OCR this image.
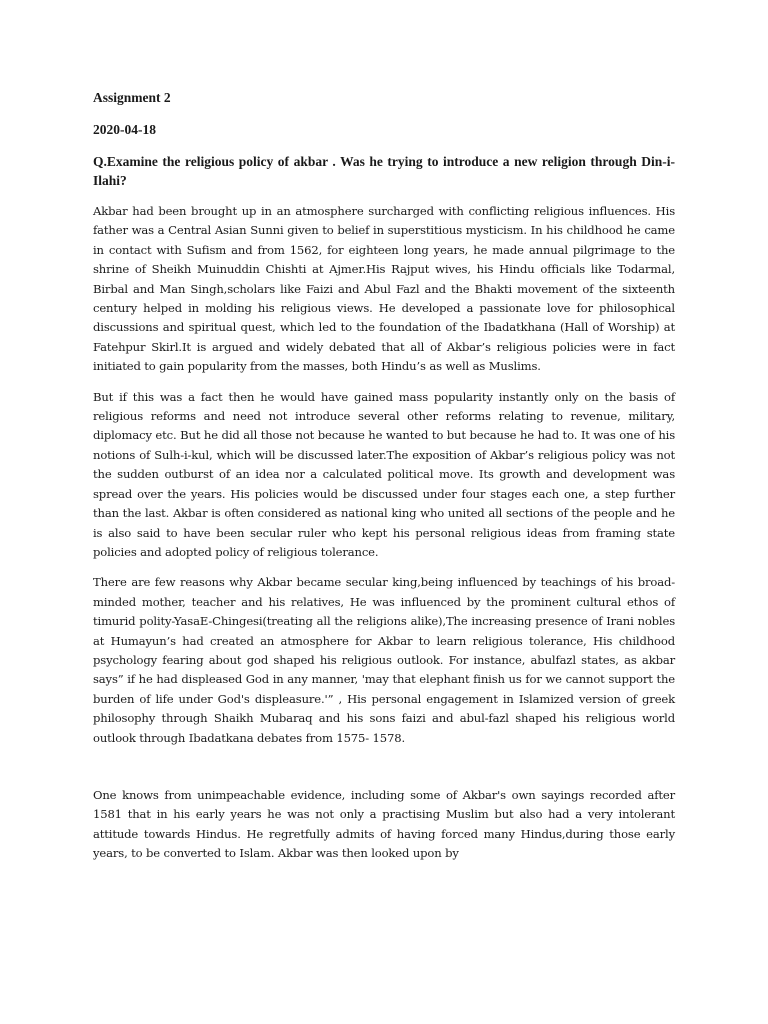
Assignment 2

2020-04-18

Q.Examine the religious policy of akbar . Was he trying to introduce a new religion through Din-i-Ilahi?

Akbar had been brought up in an atmosphere surcharged with conflicting religious influences. His father was a Central Asian Sunni given to belief in superstitious mysticism. In his childhood he came in contact with Sufism and from 1562, for eighteen long years, he made annual pilgrimage to the shrine of Sheikh Muinuddin Chishti at Ajmer.His Rajput wives, his Hindu officials like Todarmal, Birbal and Man Singh,scholars like Faizi and Abul Fazl and the Bhakti movement of the sixteenth century helped in molding his religious views. He developed a passionate love for philosophical discussions and spiritual quest, which led to the foundation of the Ibadatkhana (Hall of Worship) at Fatehpur Skirl.It is argued and widely debated that all of Akbar’s religious policies were in fact initiated to gain popularity from the masses, both Hindu’s as well as Muslims.

But if this was a fact then he would have gained mass popularity instantly only on the basis of religious reforms and need not introduce several other reforms relating to revenue, military, diplomacy etc. But he did all those not because he wanted to but because he had to. It was one of his notions of Sulh-i-kul, which will be discussed later.The exposition of Akbar’s religious policy was not the sudden outburst of an idea nor a calculated political move. Its growth and development was spread over the years. His policies would be discussed under four stages each one, a step further than the last. Akbar is often considered as national king who united all sections of the people and he is also said to have been secular ruler who kept his personal religious ideas from framing state policies and adopted policy of religious tolerance.

There are few reasons why Akbar became secular king,being influenced by teachings of his broad-minded mother, teacher and his relatives, He was influenced by the prominent cultural ethos of timurid polity-YasaE-Chingesi(treating all the religions alike),The increasing presence of Irani nobles at Humayun’s had created an atmosphere for Akbar to learn religious tolerance, His childhood psychology fearing about god shaped his religious outlook. For instance, abulfazl states, as akbar says” if he had displeased God in any manner, 'may that elephant finish us for we cannot support the burden of life under God's displeasure.'” , His personal engagement in Islamized version of greek philosophy through Shaikh Mubaraq and his sons faizi and abul-fazl shaped his religious world outlook through Ibadatkana debates from 1575- 1578.

One knows from unimpeachable evidence, including some of Akbar's own sayings recorded after 1581 that in his early years he was not only a practising Muslim but also had a very intolerant attitude towards Hindus. He regretfully admits of having forced many Hindus,during those early years, to be converted to Islam. Akbar was then looked upon by
